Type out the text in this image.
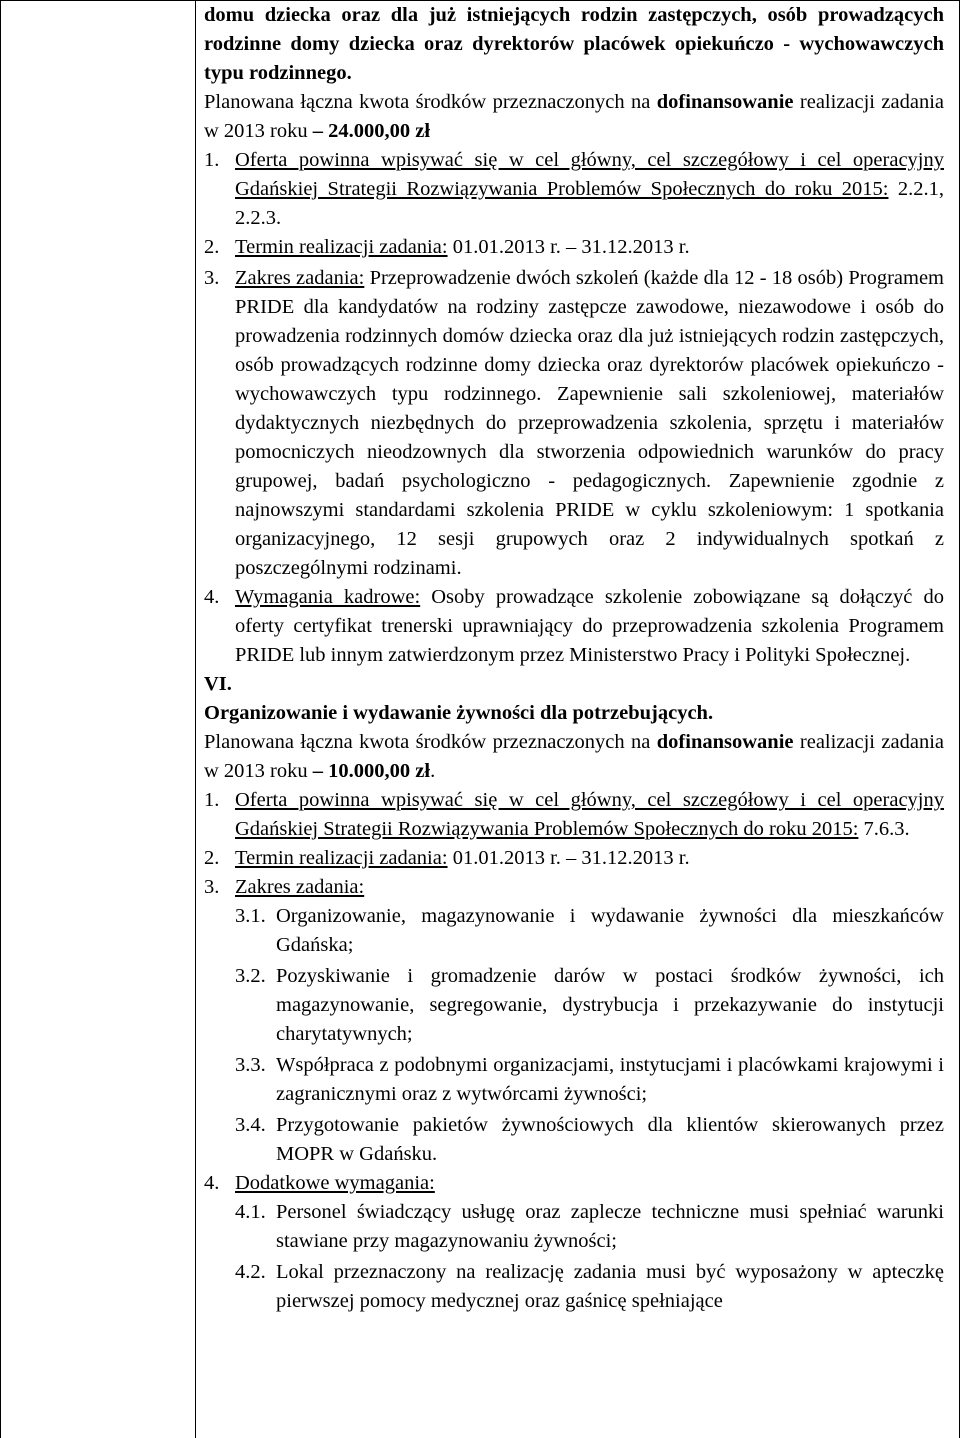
domu dziecka oraz dla już istniejących rodzin zastępczych, osób prowadzących rodzinne domy dziecka oraz dyrektorów placówek opiekuńczo - wychowawczych typu rodzinnego.

Planowana łączna kwota środków przeznaczonych na dofinansowanie realizacji zadania w 2013 roku – 24.000,00 zł

1. Oferta powinna wpisywać się w cel główny, cel szczegółowy i cel operacyjny Gdańskiej Strategii Rozwiązywania Problemów Społecznych do roku 2015: 2.2.1, 2.2.3.
2. Termin realizacji zadania: 01.01.2013 r. – 31.12.2013 r.
3. Zakres zadania: Przeprowadzenie dwóch szkoleń (każde dla 12 - 18 osób) Programem PRIDE dla kandydatów na rodziny zastępcze zawodowe, niezawodowe i osób do prowadzenia rodzinnych domów dziecka oraz dla już istniejących rodzin zastępczych, osób prowadzących rodzinne domy dziecka oraz dyrektorów placówek opiekuńczo - wychowawczych typu rodzinnego. Zapewnienie sali szkoleniowej, materiałów dydaktycznych niezbędnych do przeprowadzenia szkolenia, sprzętu i materiałów pomocniczych nieodzownych dla stworzenia odpowiednich warunków do pracy grupowej, badań psychologiczno - pedagogicznych. Zapewnienie zgodnie z najnowszymi standardami szkolenia PRIDE w cyklu szkoleniowym: 1 spotkania organizacyjnego, 12 sesji grupowych oraz 2 indywidualnych spotkań z poszczególnymi rodzinami.
4. Wymagania kadrowe: Osoby prowadzące szkolenie zobowiązane są dołączyć do oferty certyfikat trenerski uprawniający do przeprowadzenia szkolenia Programem PRIDE lub innym zatwierdzonym przez Ministerstwo Pracy i Polityki Społecznej.

VI.

Organizowanie i wydawanie żywności dla potrzebujących.

Planowana łączna kwota środków przeznaczonych na dofinansowanie realizacji zadania w 2013 roku – 10.000,00 zł.

1. Oferta powinna wpisywać się w cel główny, cel szczegółowy i cel operacyjny Gdańskiej Strategii Rozwiązywania Problemów Społecznych do roku 2015: 7.6.3.
2. Termin realizacji zadania: 01.01.2013 r. – 31.12.2013 r.
3. Zakres zadania:
3.1. Organizowanie, magazynowanie i wydawanie żywności dla mieszkańców Gdańska;
3.2. Pozyskiwanie i gromadzenie darów w postaci środków żywności, ich magazynowanie, segregowanie, dystrybucja i przekazywanie do instytucji charytatywnych;
3.3. Współpraca z podobnymi organizacjami, instytucjami i placówkami krajowymi i zagranicznymi oraz z wytwórcami żywności;
3.4. Przygotowanie pakietów żywnościowych dla klientów skierowanych przez MOPR w Gdańsku.
4. Dodatkowe wymagania:
4.1. Personel świadczący usługę oraz zaplecze techniczne musi spełniać warunki stawiane przy magazynowaniu żywności;
4.2. Lokal przeznaczony na realizację zadania musi być wyposażony w apteczkę pierwszej pomocy medycznej oraz gaśnicę spełniające
